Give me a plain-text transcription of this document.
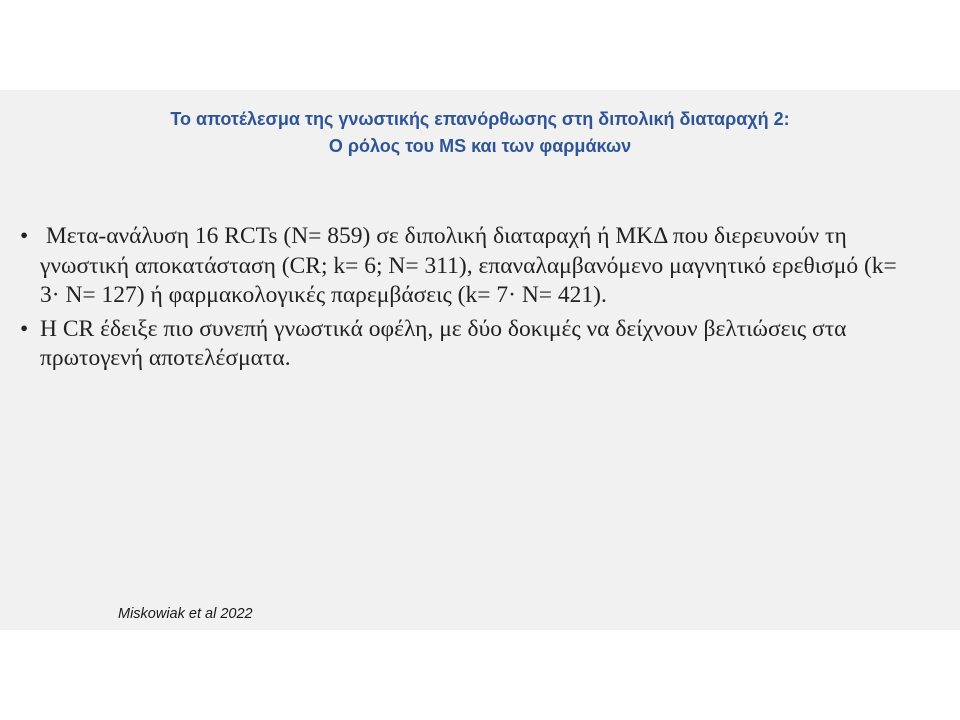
Το αποτέλεσμα της γνωστικής επανόρθωσης στη διπολική διαταραχή 2:
Ο ρόλος του MS και των φαρμάκων
• Μετα-ανάλυση 16 RCTs (N= 859) σε διπολική διαταραχή ή ΜΚΔ που διερευνούν τη γνωστική αποκατάσταση (CR; k= 6; N= 311), επαναλαμβανόμενο μαγνητικό ερεθισμό (k= 3· N= 127) ή φαρμακολογικές παρεμβάσεις (k= 7· N= 421).
• Η CR έδειξε πιο συνεπή γνωστικά οφέλη, με δύο δοκιμές να δείχνουν βελτιώσεις στα πρωτογενή αποτελέσματα.
Miskowiak et al 2022
